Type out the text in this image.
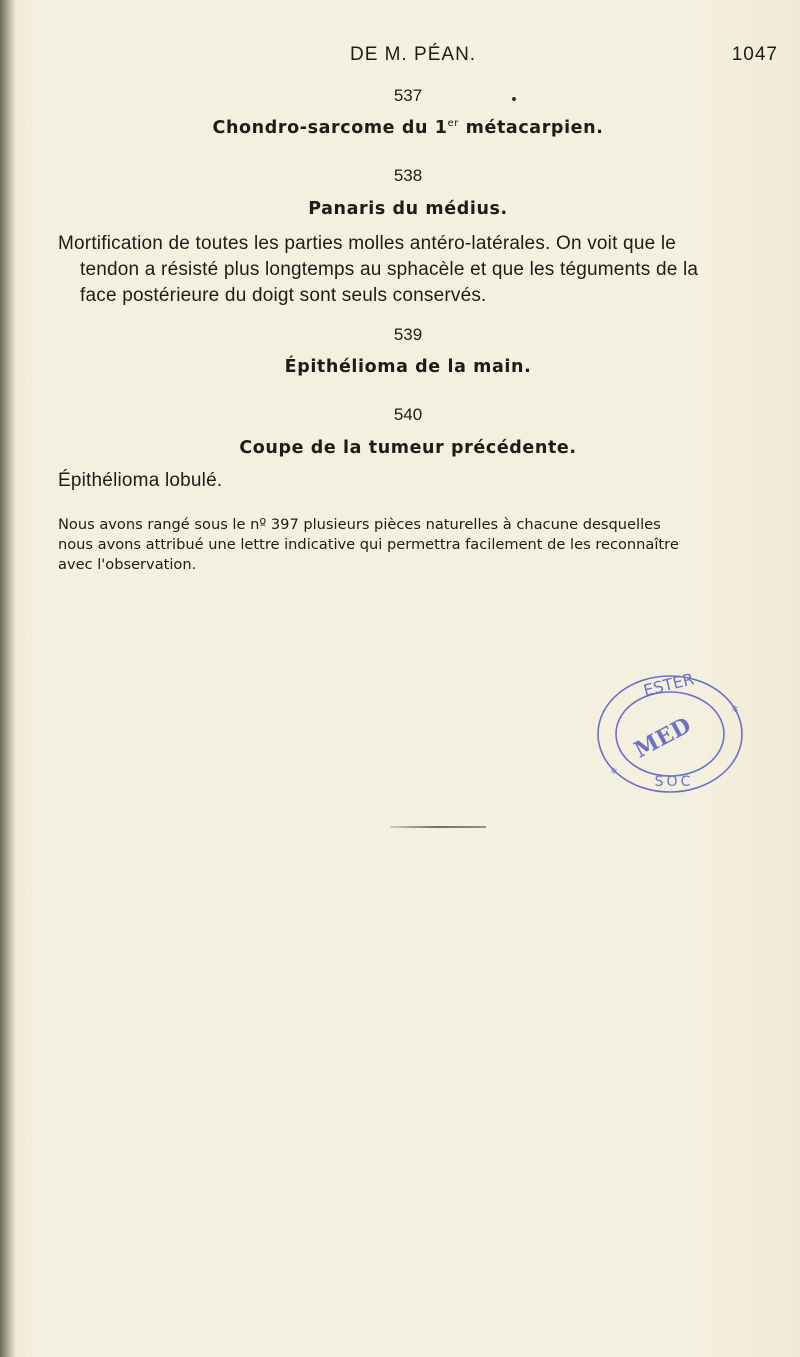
DE M. PÉAN.	1047
537
Chondro-sarcome du 1er métacarpien.
538
Panaris du médius.
Mortification de toutes les parties molles antéro-latérales. On voit que le
tendon a résisté plus longtemps au sphacèle et que les téguments de la
face postérieure du doigt sont seuls conservés.
539
Épithélioma de la main.
540
Coupe de la tumeur précédente.
Épithélioma lobulé.
Nous avons rangé sous le nº 397 plusieurs pièces naturelles à chacune desquelles
nous avons attribué une lettre indicative qui permettra facilement de les reconnaître
avec l'observation.
ESTER
MED
SOC
*
*
